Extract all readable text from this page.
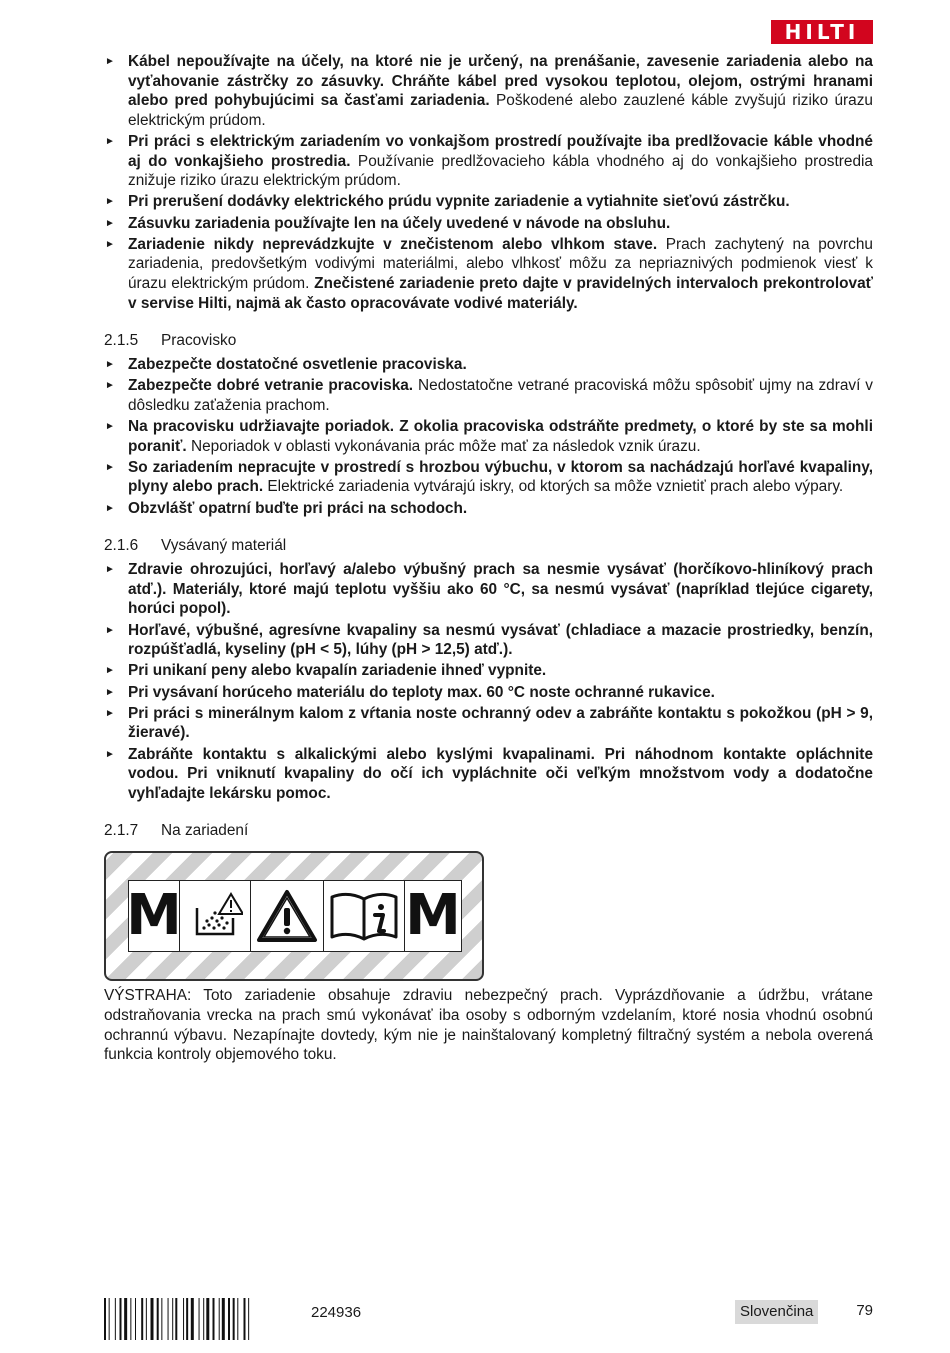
HILTI
► Kábel nepoužívajte na účely, na ktoré nie je určený, na prenášanie, zavesenie zariadenia alebo na vyťahovanie zástrčky zo zásuvky. Chráňte kábel pred vysokou teplotou, olejom, ostrými hranami alebo pred pohybujúcimi sa časťami zariadenia. Poškodené alebo zauzlené káble zvyšujú riziko úrazu elektrickým prúdom.
► Pri práci s elektrickým zariadením vo vonkajšom prostredí používajte iba predlžovacie káble vhodné aj do vonkajšieho prostredia. Používanie predlžovacieho kábla vhodného aj do vonkajšieho prostredia znižuje riziko úrazu elektrickým prúdom.
► Pri prerušení dodávky elektrického prúdu vypnite zariadenie a vytiahnite sieťovú zástrčku.
► Zásuvku zariadenia používajte len na účely uvedené v návode na obsluhu.
► Zariadenie nikdy neprevádzkujte v znečistenom alebo vlhkom stave. Prach zachytený na povrchu zariadenia, predovšetkým vodivými materiálmi, alebo vlhkosť môžu za nepriaznivých podmienok viesť k úrazu elektrickým prúdom. Znečistené zariadenie preto dajte v pravidelných intervaloch prekontrolovať v servise Hilti, najmä ak často opracovávate vodivé materiály.
2.1.5 Pracovisko
► Zabezpečte dostatočné osvetlenie pracoviska.
► Zabezpečte dobré vetranie pracoviska. Nedostatočne vetrané pracoviská môžu spôsobiť ujmy na zdraví v dôsledku zaťaženia prachom.
► Na pracovisku udržiavajte poriadok. Z okolia pracoviska odstráňte predmety, o ktoré by ste sa mohli poraniť. Neporiadok v oblasti vykonávania prác môže mať za následok vznik úrazu.
► So zariadením nepracujte v prostredí s hrozbou výbuchu, v ktorom sa nachádzajú horľavé kvapaliny, plyny alebo prach. Elektrické zariadenia vytvárajú iskry, od ktorých sa môže vznietiť prach alebo výpary.
► Obzvlášť opatrní buďte pri práci na schodoch.
2.1.6 Vysávaný materiál
► Zdravie ohrozujúci, horľavý a/alebo výbušný prach sa nesmie vysávať (horčíkovo-hliníkový prach atď.). Materiály, ktoré majú teplotu vyššiu ako 60 °C, sa nesmú vysávať (napríklad tlejúce cigarety, horúci popol).
► Horľavé, výbušné, agresívne kvapaliny sa nesmú vysávať (chladiace a mazacie prostriedky, benzín, rozpúšťadlá, kyseliny (pH < 5), lúhy (pH > 12,5) atď.).
► Pri unikaní peny alebo kvapalín zariadenie ihneď vypnite.
► Pri vysávaní horúceho materiálu do teploty max. 60 °C noste ochranné rukavice.
► Pri práci s minerálnym kalom z vŕtania noste ochranný odev a zabráňte kontaktu s pokožkou (pH > 9, žieravé).
► Zabráňte kontaktu s alkalickými alebo kyslými kvapalinami. Pri náhodnom kontakte opláchnite vodou. Pri vniknutí kvapaliny do očí ich vypláchnite oči veľkým množstvom vody a dodatočne vyhľadajte lekársku pomoc.
2.1.7 Na zariadení
M	M
VÝSTRAHA: Toto zariadenie obsahuje zdraviu nebezpečný prach. Vyprázdňovanie a údržbu, vrátane odstraňovania vrecka na prach smú vykonávať iba osoby s odborným vzdelaním, ktoré nosia vhodnú osobnú ochrannú výbavu. Nezapínajte dovtedy, kým nie je nainštalovaný kompletný filtračný systém a nebola overená funkcia kontroly objemového toku.
224936	Slovenčina	79
